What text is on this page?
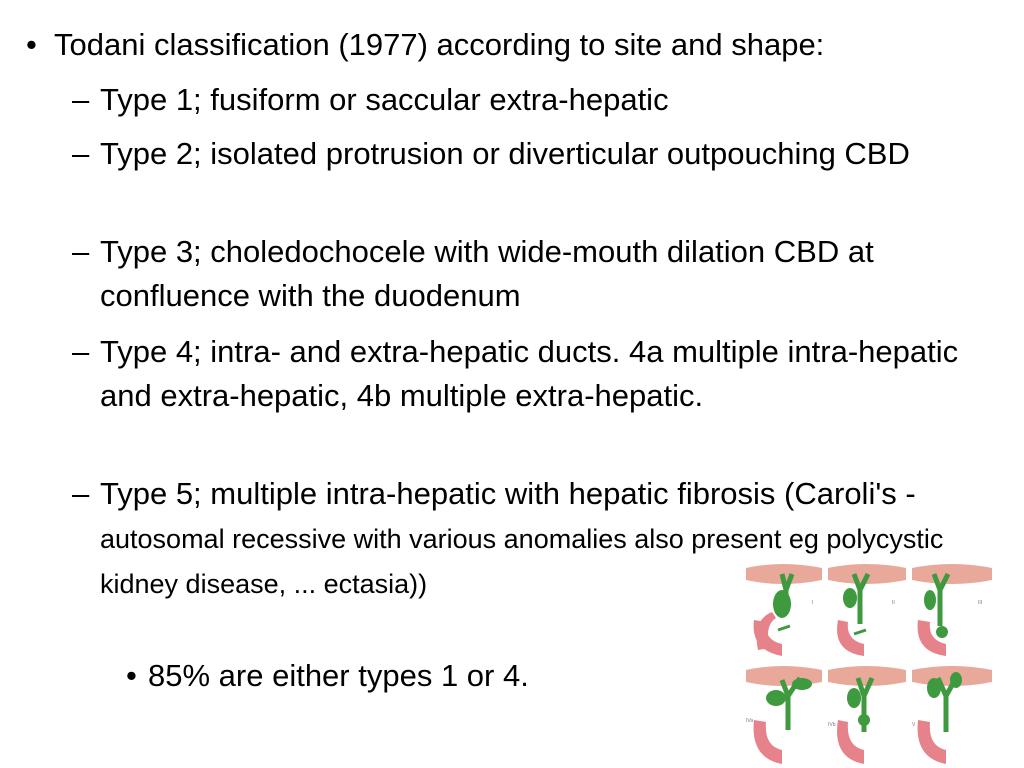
• Todani classification (1977) according to site and shape:
– Type 1; fusiform or saccular extra-hepatic
– Type 2; isolated protrusion or diverticular outpouching CBD
– Type 3; choledochocele with wide-mouth dilation CBD at confluence with the duodenum
– Type 4; intra- and extra-hepatic ducts. 4a multiple intra-hepatic and extra-hepatic, 4b multiple extra-hepatic.
– Type 5; multiple intra-hepatic with hepatic fibrosis (Caroli's - autosomal recessive with various anomalies also present eg polycystic kidney disease, ... ectasia))
• 85% are either types 1 or 4.
I	II	III
IVa
IVb	V
